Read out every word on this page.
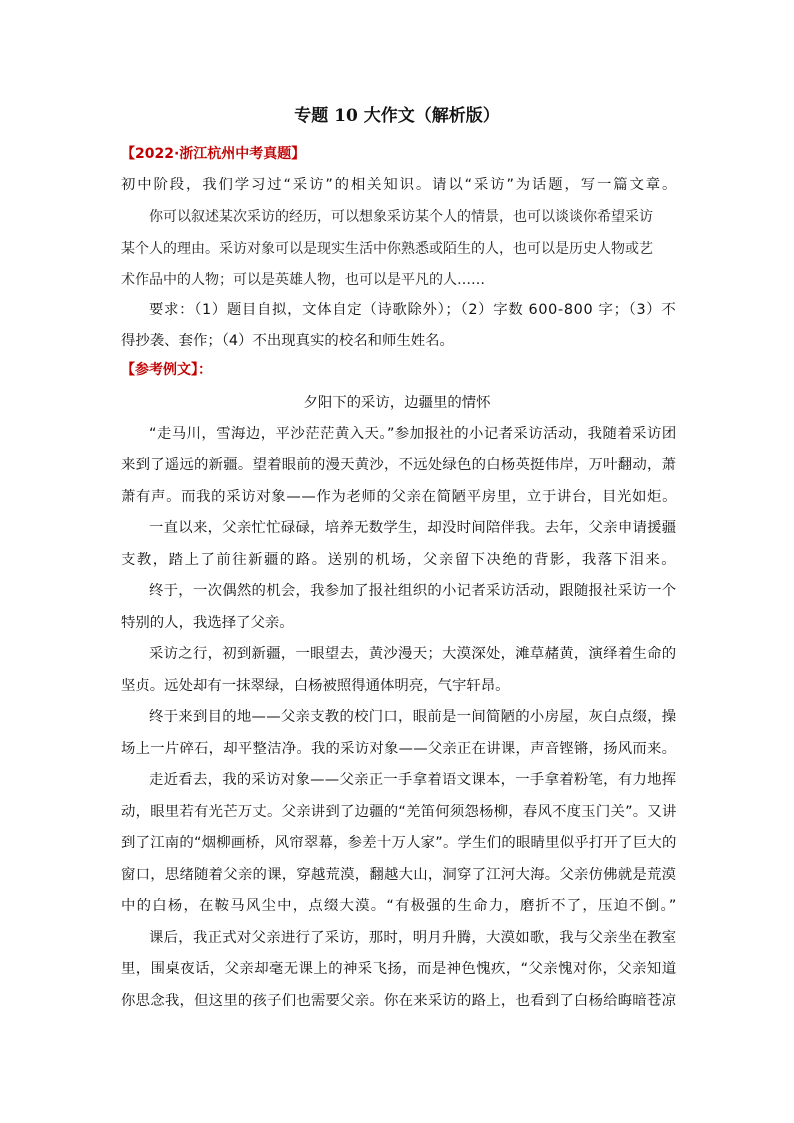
专题 10 大作文（解析版）
【2022·浙江杭州中考真题】
初中阶段，我们学习过“采访”的相关知识。请以“采访”为话题，写一篇文章。
你可以叙述某次采访的经历，可以想象采访某个人的情景，也可以谈谈你希望采访
某个人的理由。采访对象可以是现实生活中你熟悉或陌生的人，也可以是历史人物或艺
术作品中的人物；可以是英雄人物，也可以是平凡的人……
要求：（1）题目自拟，文体自定（诗歌除外）；（2）字数 600-800 字；（3）不
得抄袭、套作；（4）不出现真实的校名和师生姓名。
【参考例文】：
夕阳下的采访，边疆里的情怀
“走马川，雪海边，平沙茫茫黄入天。”参加报社的小记者采访活动，我随着采访团
来到了遥远的新疆。望着眼前的漫天黄沙，不远处绿色的白杨英挺伟岸，万叶翻动，萧
萧有声。而我的采访对象——作为老师的父亲在简陋平房里，立于讲台，目光如炬。
一直以来，父亲忙忙碌碌，培养无数学生，却没时间陪伴我。去年，父亲申请援疆
支教，踏上了前往新疆的路。送别的机场，父亲留下决绝的背影，我落下泪来。
终于，一次偶然的机会，我参加了报社组织的小记者采访活动，跟随报社采访一个
特别的人，我选择了父亲。
采访之行，初到新疆，一眼望去，黄沙漫天；大漠深处，滩草赭黄，演绎着生命的
坚贞。远处却有一抹翠绿，白杨被照得通体明亮，气宇轩昂。
终于来到目的地——父亲支教的校门口，眼前是一间简陋的小房屋，灰白点缀，操
场上一片碎石，却平整洁净。我的采访对象——父亲正在讲课，声音铿锵，扬风而来。
走近看去，我的采访对象——父亲正一手拿着语文课本，一手拿着粉笔，有力地挥
动，眼里若有光芒万丈。父亲讲到了边疆的“羌笛何须怨杨柳，春风不度玉门关”。又讲
到了江南的“烟柳画桥，风帘翠幕，参差十万人家”。学生们的眼睛里似乎打开了巨大的
窗口，思绪随着父亲的课，穿越荒漠，翻越大山，洞穿了江河大海。父亲仿佛就是荒漠
中的白杨，在鞍马风尘中，点缀大漠。“有极强的生命力，磨折不了，压迫不倒。”
课后，我正式对父亲进行了采访，那时，明月升腾，大漠如歌，我与父亲坐在教室
里，围桌夜话，父亲却毫无课上的神采飞扬，而是神色愧疚，“父亲愧对你，父亲知道
你思念我，但这里的孩子们也需要父亲。你在来采访的路上，也看到了白杨给晦暗苍凉
